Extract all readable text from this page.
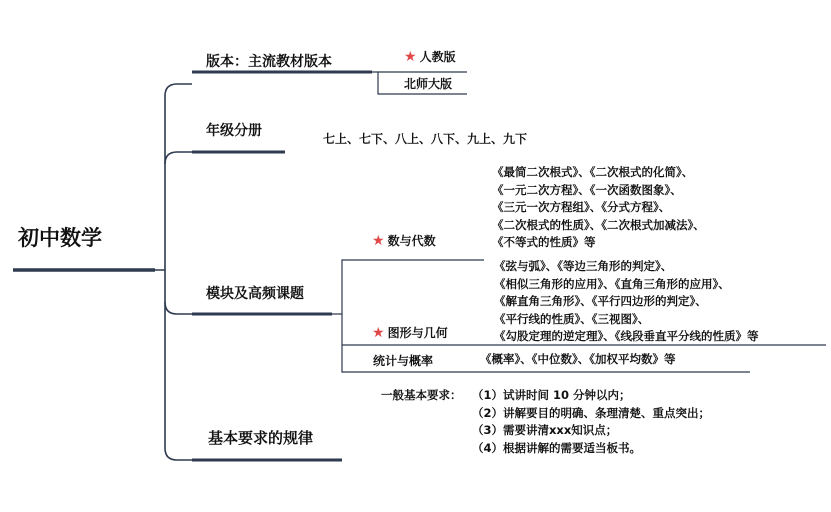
初中数学
版本：主流教材版本	★ 人教版
北师大版
年级分册	七上、七下、八上、八下、九上、九下
模块及高频课题
★ 数与代数
《最简二次根式》、《二次根式的化简》、
《一元二次方程》、《一次函数图象》、
《三元一次方程组》、《分式方程》、
《二次根式的性质》、《二次根式加减法》、
《不等式的性质》等
★ 图形与几何
《弦与弧》、《等边三角形的判定》、
《相似三角形的应用》、《直角三角形的应用》、
《解直角三角形》、《平行四边形的判定》、
《平行线的性质》、《三视图》、
《勾股定理的逆定理》、《线段垂直平分线的性质》等
统计与概率	《概率》、《中位数》、《加权平均数》等
基本要求的规律
一般基本要求： （1）试讲时间 10 分钟以内；
（2）讲解要目的明确、条理清楚、重点突出；
（3）需要讲清xxx知识点；
（4）根据讲解的需要适当板书。
